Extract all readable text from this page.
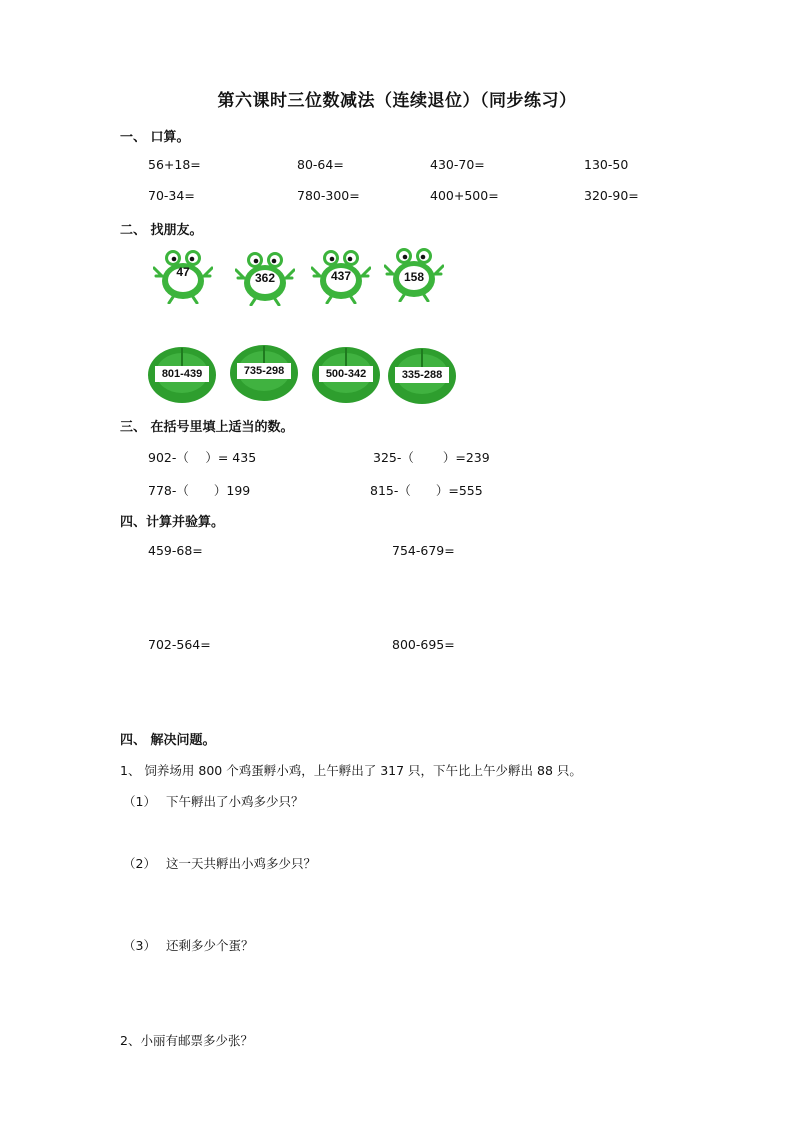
第六课时三位数减法（连续退位）（同步练习）
一、 口算。
56+18=	80-64=	430-70=	130-50
70-34=	780-300=	400+500=	320-90=
二、 找朋友。
47	362	437	158
801-439	735-298	500-342	335-288
三、 在括号里填上适当的数。
902-（　 ）= 435	325-（　　 ）=239
778-（　　）199	815-（　　）=555
四、计算并验算。
459-68=	754-679=
702-564=	800-695=
四、 解决问题。
1、 饲养场用 800 个鸡蛋孵小鸡，上午孵出了 317 只，下午比上午少孵出 88 只。
（1） 下午孵出了小鸡多少只？
（2） 这一天共孵出小鸡多少只？
（3） 还剩多少个蛋？
2、小丽有邮票多少张？
